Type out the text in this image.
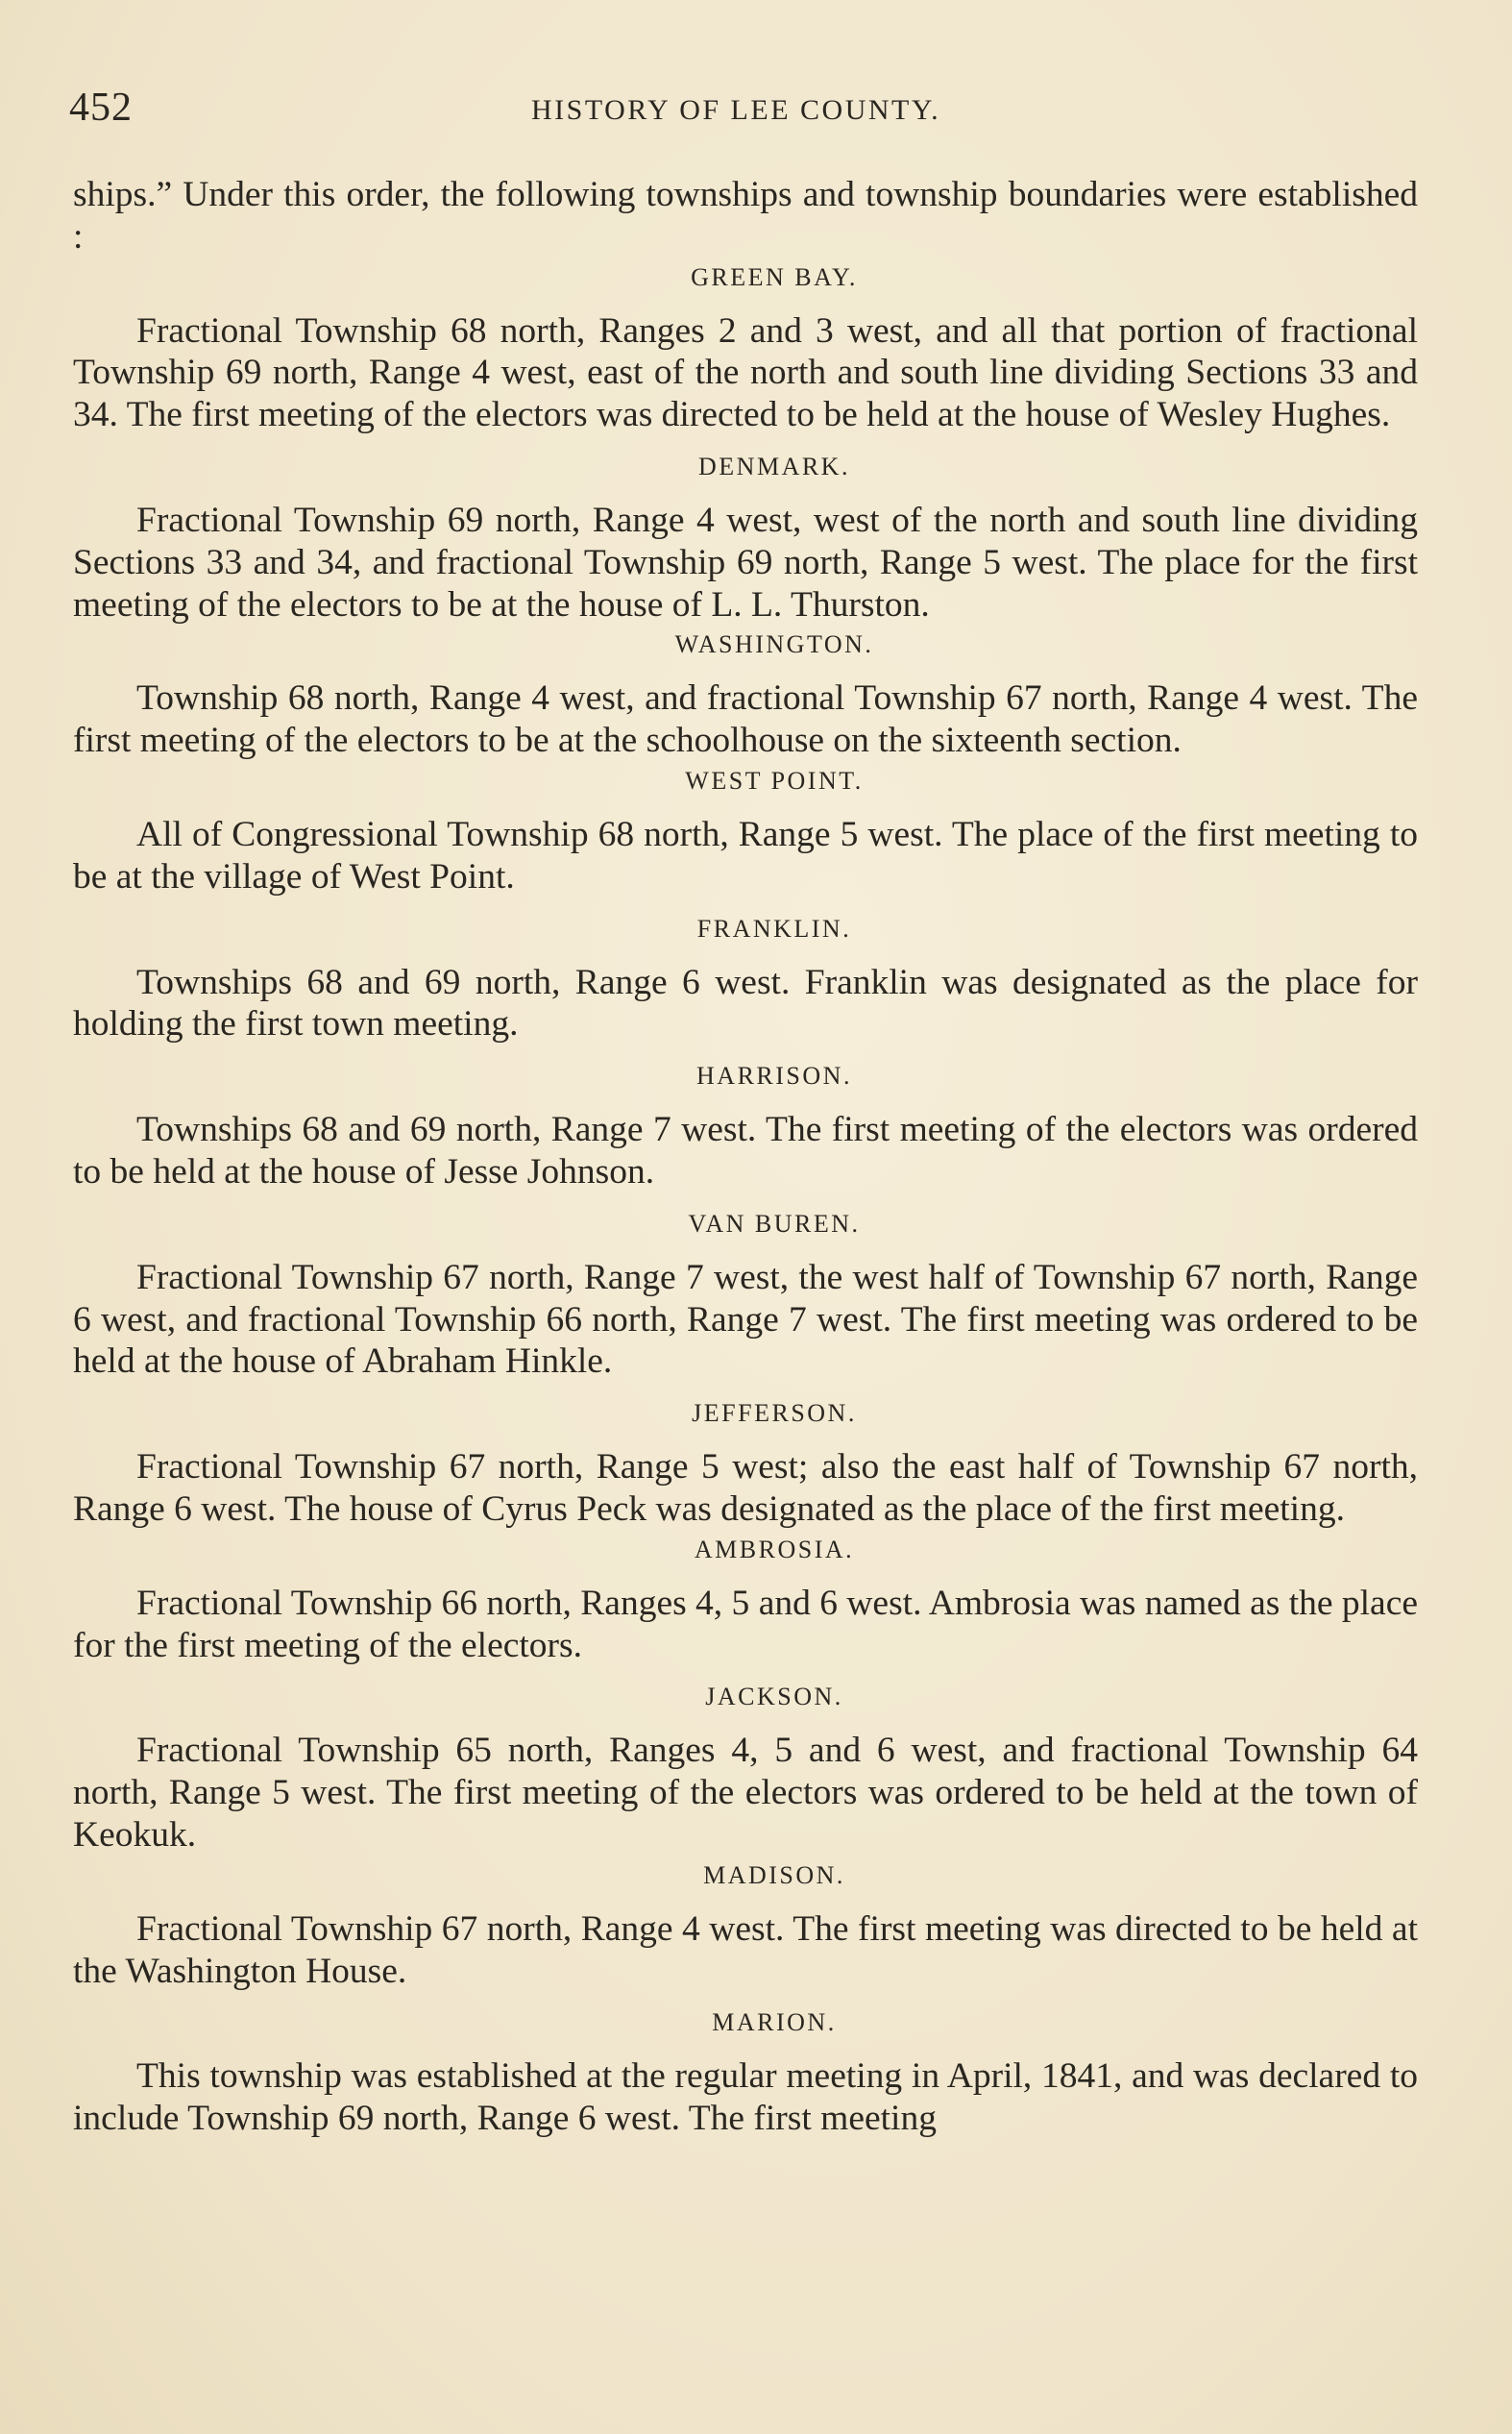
452	HISTORY OF LEE COUNTY.

ships.” Under this order, the following townships and township boundaries were established :

GREEN BAY.

Fractional Township 68 north, Ranges 2 and 3 west, and all that portion of fractional Township 69 north, Range 4 west, east of the north and south line dividing Sections 33 and 34. The first meeting of the electors was directed to be held at the house of Wesley Hughes.

DENMARK.

Fractional Township 69 north, Range 4 west, west of the north and south line dividing Sections 33 and 34, and fractional Township 69 north, Range 5 west. The place for the first meeting of the electors to be at the house of L. L. Thurston.

WASHINGTON.

Township 68 north, Range 4 west, and fractional Township 67 north, Range 4 west. The first meeting of the electors to be at the schoolhouse on the sixteenth section.

WEST POINT.

All of Congressional Township 68 north, Range 5 west. The place of the first meeting to be at the village of West Point.

FRANKLIN.

Townships 68 and 69 north, Range 6 west. Franklin was designated as the place for holding the first town meeting.

HARRISON.

Townships 68 and 69 north, Range 7 west. The first meeting of the electors was ordered to be held at the house of Jesse Johnson.

VAN BUREN.

Fractional Township 67 north, Range 7 west, the west half of Township 67 north, Range 6 west, and fractional Township 66 north, Range 7 west. The first meeting was ordered to be held at the house of Abraham Hinkle.

JEFFERSON.

Fractional Township 67 north, Range 5 west; also the east half of Township 67 north, Range 6 west. The house of Cyrus Peck was designated as the place of the first meeting.

AMBROSIA.

Fractional Township 66 north, Ranges 4, 5 and 6 west. Ambrosia was named as the place for the first meeting of the electors.

JACKSON.

Fractional Township 65 north, Ranges 4, 5 and 6 west, and fractional Township 64 north, Range 5 west. The first meeting of the electors was ordered to be held at the town of Keokuk.

MADISON.

Fractional Township 67 north, Range 4 west. The first meeting was directed to be held at the Washington House.

MARION.

This township was established at the regular meeting in April, 1841, and was declared to include Township 69 north, Range 6 west. The first meeting
